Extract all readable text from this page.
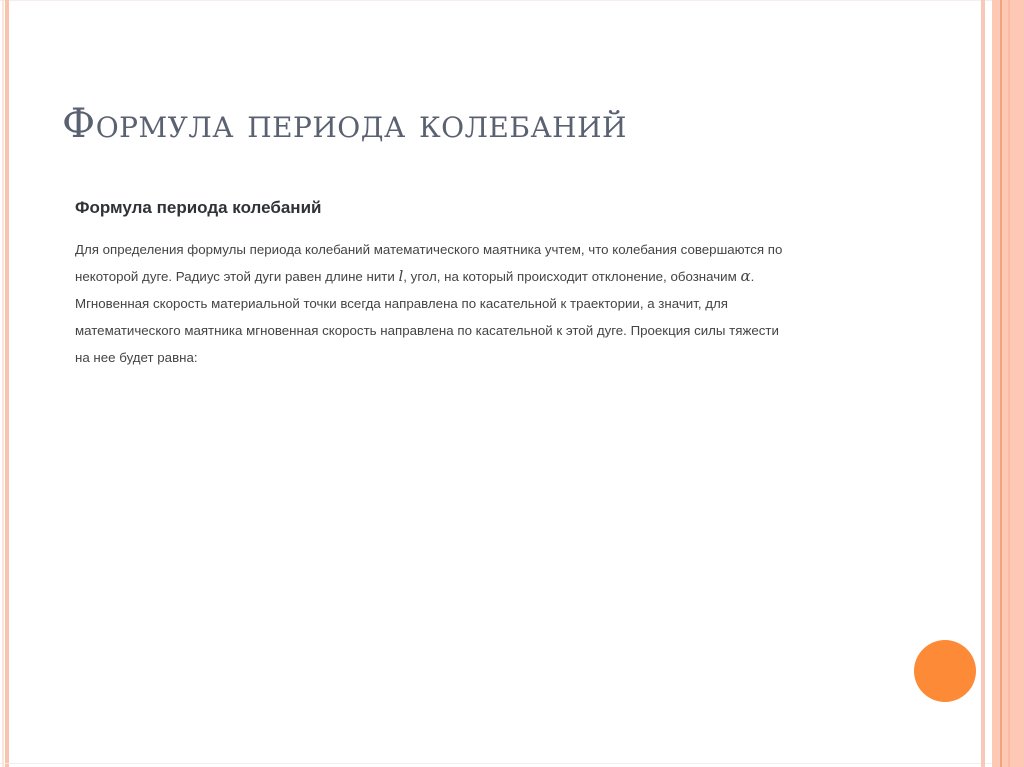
Формула периода колебаний
Формула периода колебаний

Для определения формулы периода колебаний математического маятника учтем, что колебания совершаются по
некоторой дуге. Радиус этой дуги равен длине нити l, угол, на который происходит отклонение, обозначим α.
Мгновенная скорость материальной точки всегда направлена по касательной к траектории, а значит, для
математического маятника мгновенная скорость направлена по касательной к этой дуге. Проекция силы тяжести
на нее будет равна:
